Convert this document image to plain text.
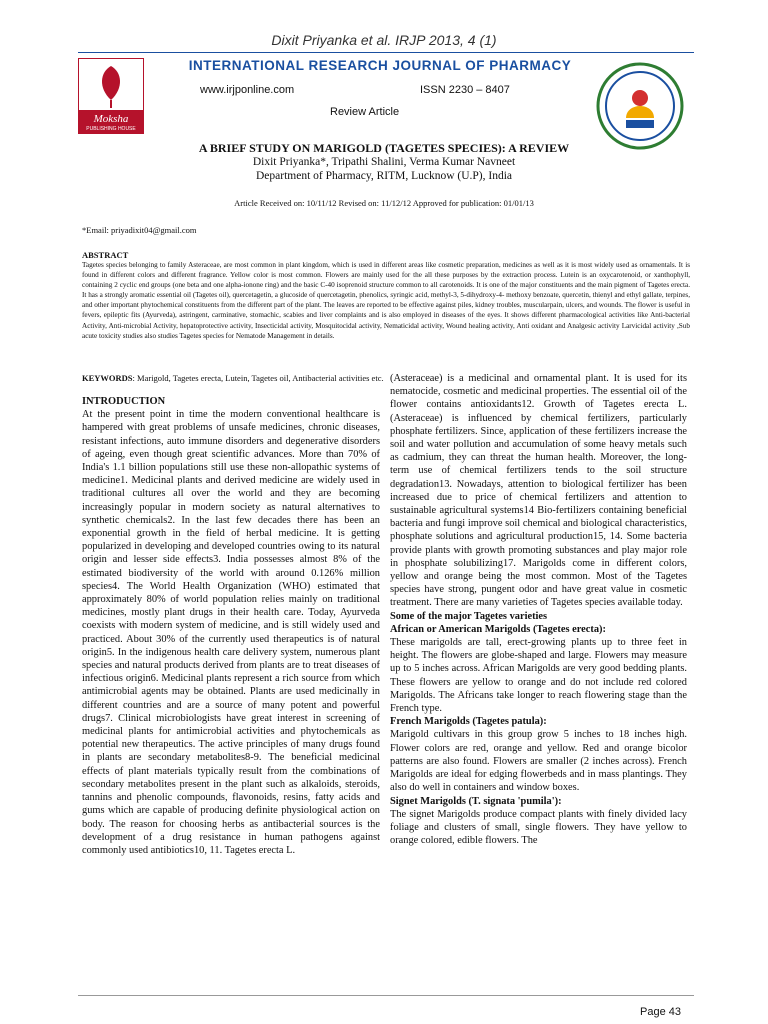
Dixit Priyanka et al. IRJP 2013, 4 (1)
Moksha
PUBLISHING HOUSE
INTERNATIONAL RESEARCH JOURNAL OF PHARMACY
www.irjponline.com	ISSN 2230 – 8407
Review Article
A BRIEF STUDY ON MARIGOLD (TAGETES SPECIES): A REVIEW
Dixit Priyanka*, Tripathi Shalini, Verma Kumar Navneet
Department of Pharmacy, RITM, Lucknow (U.P), India
Article Received on: 10/11/12 Revised on: 11/12/12 Approved for publication: 01/01/13
*Email: priyadixit04@gmail.com
ABSTRACT
Tagetes species belonging to family Asteraceae, are most common in plant kingdom, which is used in different areas like cosmetic preparation, medicines as well as it is most widely used as ornamentals. It is found in different colors and different fragrance. Yellow color is most common. Flowers are mainly used for the all these purposes by the extraction process. Lutein is an oxycarotenoid, or xanthophyll, containing 2 cyclic end groups (one beta and one alpha-ionone ring) and the basic C-40 isoprenoid structure common to all carotenoids. It is one of the major constituents and the main pigment of Tagetes erecta. It has a strongly aromatic essential oil (Tagetes oil), quercetagetin, a glucoside of quercetagetin, phenolics, syringic acid, methyl-3, 5-dihydroxy-4- methoxy benzoate, quercetin, thienyl and ethyl gallate, terpines, and other important phytochemical constituents from the different part of the plant. The leaves are reported to be effective against piles, kidney troubles, muscularpain, ulcers, and wounds. The flower is useful in fevers, epileptic fits (Ayurveda), astringent, carminative, stomachic, scabies and liver complaints and is also employed in diseases of the eyes. It shows different pharmacological activities like Anti-bacterial Activity, Anti-microbial Activity, hepatoprotective activity, Insecticidal activity, Mosquitocidal activity, Nematicidal activity, Wound healing activity, Anti oxidant and Analgesic activity Larvicidal activity ,Sub acute toxicity studies also studies Tagetes species for Nematode Management in details.
KEYWORDS: Marigold, Tagetes erecta, Lutein, Tagetes oil, Antibacterial activities etc.

INTRODUCTION

At the present point in time the modern conventional healthcare is hampered with great problems of unsafe medicines, chronic diseases, resistant infections, auto immune disorders and degenerative disorders of ageing, even though great scientific advances. More than 70% of India's 1.1 billion populations still use these non-allopathic systems of medicine1. Medicinal plants and derived medicine are widely used in traditional cultures all over the world and they are becoming increasingly popular in modern society as natural alternatives to synthetic chemicals2. In the last few decades there has been an exponential growth in the field of herbal medicine. It is getting popularized in developing and developed countries owing to its natural origin and lesser side effects3. India possesses almost 8% of the estimated biodiversity of the world with around 0.126% million species4. The World Health Organization (WHO) estimated that approximately 80% of world population relies mainly on traditional medicines, mostly plant drugs in their health care. Today, Ayurveda coexists with modern system of medicine, and is still widely used and practiced. About 30% of the currently used therapeutics is of natural origin5. In the indigenous health care delivery system, numerous plant species and natural products derived from plants are to treat diseases of infectious origin6. Medicinal plants represent a rich source from which antimicrobial agents may be obtained. Plants are used medicinally in different countries and are a source of many potent and powerful drugs7. Clinical microbiologists have great interest in screening of medicinal plants for antimicrobial activities and phytochemicals as potential new therapeutics. The active principles of many drugs found in plants are secondary metabolites8-9. The beneficial medicinal effects of plant materials typically result from the combinations of secondary metabolites present in the plant such as alkaloids, steroids, tannins and phenolic compounds, flavonoids, resins, fatty acids and gums which are capable of producing definite physiological action on body. The reason for choosing herbs as antibacterial sources is the development of a drug resistance in human pathogens against commonly used antibiotics10, 11. Tagetes erecta L.

(Asteraceae) is a medicinal and ornamental plant. It is used for its nematocide, cosmetic and medicinal properties. The essential oil of the flower contains antioxidants12. Growth of Tagetes erecta L. (Asteraceae) is influenced by chemical fertilizers, particularly phosphate fertilizers. Since, application of these fertilizers increase the soil and water pollution and accumulation of some heavy metals such as cadmium, they can threat the human health. Moreover, the long-term use of chemical fertilizers tends to the soil structure degradation13. Nowadays, attention to biological fertilizer has been increased due to price of chemical fertilizers and attention to sustainable agricultural systems14 Bio-fertilizers containing beneficial bacteria and fungi improve soil chemical and biological characteristics, phosphate solutions and agricultural production15, 14. Some bacteria provide plants with growth promoting substances and play major role in phosphate solubilizing17. Marigolds come in different colors, yellow and orange being the most common. Most of the Tagetes species have strong, pungent odor and have great value in cosmetic treatment. There are many varieties of Tagetes species available today.

Some of the major Tagetes varieties

African or American Marigolds (Tagetes erecta):

These marigolds are tall, erect-growing plants up to three feet in height. The flowers are globe-shaped and large. Flowers may measure up to 5 inches across. African Marigolds are very good bedding plants. These flowers are yellow to orange and do not include red colored Marigolds. The Africans take longer to reach flowering stage than the French type.

French Marigolds (Tagetes patula):

Marigold cultivars in this group grow 5 inches to 18 inches high. Flower colors are red, orange and yellow. Red and orange bicolor patterns are also found. Flowers are smaller (2 inches across). French Marigolds are ideal for edging flowerbeds and in mass plantings. They also do well in containers and window boxes.

Signet Marigolds (T. signata 'pumila'):

The signet Marigolds produce compact plants with finely divided lacy foliage and clusters of small, single flowers. They have yellow to orange colored, edible flowers. The

Page 43
